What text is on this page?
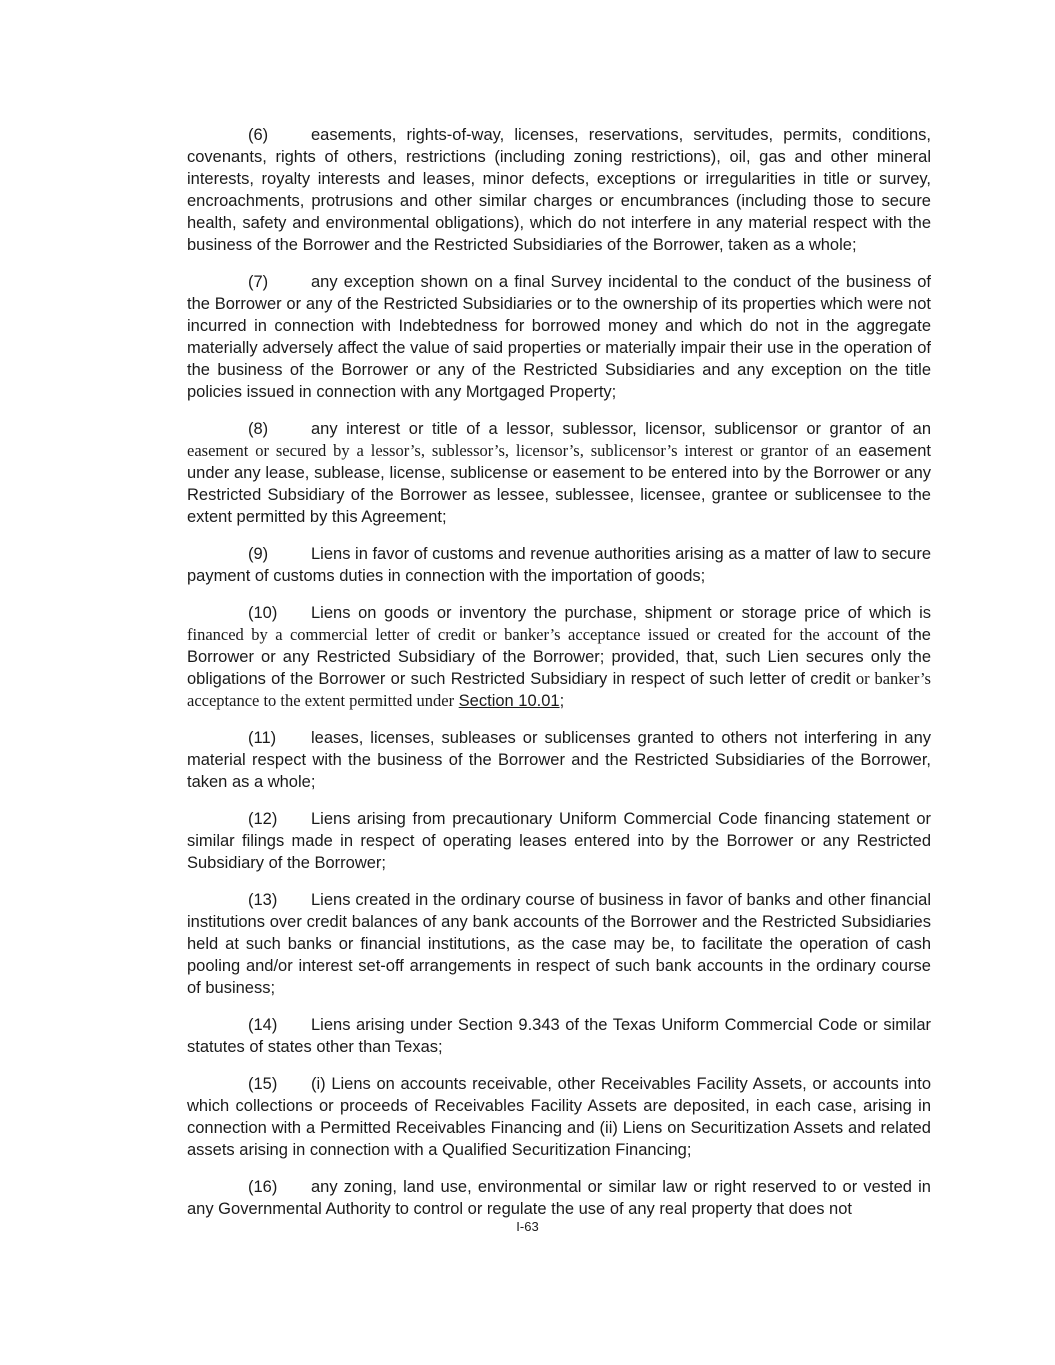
(6)	easements, rights-of-way, licenses, reservations, servitudes, permits, conditions, covenants, rights of others, restrictions (including zoning restrictions), oil, gas and other mineral interests, royalty interests and leases, minor defects, exceptions or irregularities in title or survey, encroachments, protrusions and other similar charges or encumbrances (including those to secure health, safety and environmental obligations), which do not interfere in any material respect with the business of the Borrower and the Restricted Subsidiaries of the Borrower, taken as a whole;

(7)	any exception shown on a final Survey incidental to the conduct of the business of the Borrower or any of the Restricted Subsidiaries or to the ownership of its properties which were not incurred in connection with Indebtedness for borrowed money and which do not in the aggregate materially adversely affect the value of said properties or materially impair their use in the operation of the business of the Borrower or any of the Restricted Subsidiaries and any exception on the title policies issued in connection with any Mortgaged Property;

(8)	any interest or title of a lessor, sublessor, licensor, sublicensor or grantor of an easement or secured by a lessor’s, sublessor’s, licensor’s, sublicensor’s interest or grantor of an easement under any lease, sublease, license, sublicense or easement to be entered into by the Borrower or any Restricted Subsidiary of the Borrower as lessee, sublessee, licensee, grantee or sublicensee to the extent permitted by this Agreement;

(9)	Liens in favor of customs and revenue authorities arising as a matter of law to secure payment of customs duties in connection with the importation of goods;

(10) Liens on goods or inventory the purchase, shipment or storage price of which is financed by a commercial letter of credit or banker’s acceptance issued or created for the account of the Borrower or any Restricted Subsidiary of the Borrower; provided, that, such Lien secures only the obligations of the Borrower or such Restricted Subsidiary in respect of such letter of credit or banker’s acceptance to the extent permitted under Section 10.01;

(11) leases, licenses, subleases or sublicenses granted to others not interfering in any material respect with the business of the Borrower and the Restricted Subsidiaries of the Borrower, taken as a whole;

(12) Liens arising from precautionary Uniform Commercial Code financing statement or similar filings made in respect of operating leases entered into by the Borrower or any Restricted Subsidiary of the Borrower;

(13) Liens created in the ordinary course of business in favor of banks and other financial institutions over credit balances of any bank accounts of the Borrower and the Restricted Subsidiaries held at such banks or financial institutions, as the case may be, to facilitate the operation of cash pooling and/or interest set-off arrangements in respect of such bank accounts in the ordinary course of business;

(14) Liens arising under Section 9.343 of the Texas Uniform Commercial Code or similar statutes of states other than Texas;

(15) (i) Liens on accounts receivable, other Receivables Facility Assets, or accounts into which collections or proceeds of Receivables Facility Assets are deposited, in each case, arising in connection with a Permitted Receivables Financing and (ii) Liens on Securitization Assets and related assets arising in connection with a Qualified Securitization Financing;

(16) any zoning, land use, environmental or similar law or right reserved to or vested in any Governmental Authority to control or regulate the use of any real property that does not

I-63
